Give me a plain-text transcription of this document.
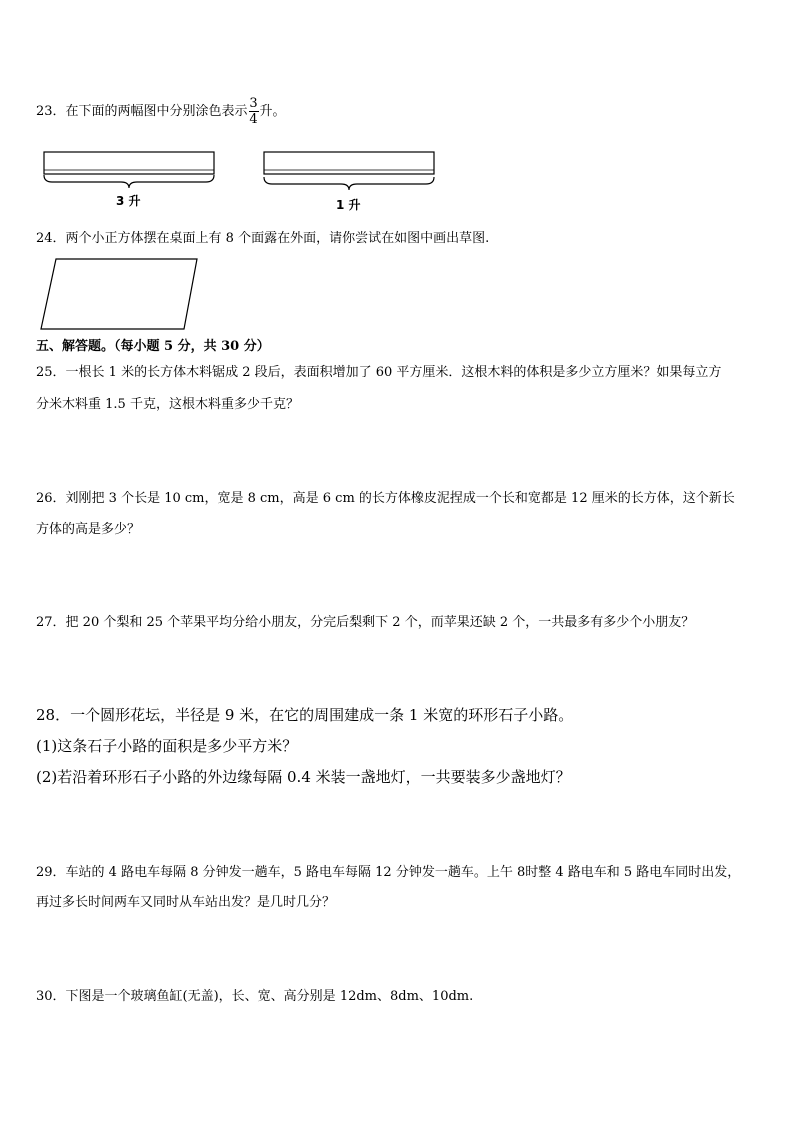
23．在下面的两幅图中分别涂色表示 $\frac{3}{4}$ 升。
3 升	1 升
24．两个小正方体摆在桌面上有 8 个面露在外面，请你尝试在如图中画出草图.
五、解答题。（每小题 5 分，共 30 分）
25．一根长 1 米的长方体木料锯成 2 段后，表面积增加了 60 平方厘米．这根木料的体积是多少立方厘米？如果每立方
分米木料重 1.5 千克，这根木料重多少千克？
26．刘刚把 3 个长是 10 cm，宽是 8 cm，高是 6 cm 的长方体橡皮泥捏成一个长和宽都是 12 厘米的长方体，这个新长
方体的高是多少？
27．把 20 个梨和 25 个苹果平均分给小朋友，分完后梨剩下 2 个，而苹果还缺 2 个，一共最多有多少个小朋友？
28．一个圆形花坛，半径是 9 米，在它的周围建成一条 1 米宽的环形石子小路。
(1)这条石子小路的面积是多少平方米？
(2)若沿着环形石子小路的外边缘每隔 0.4 米装一盏地灯，一共要装多少盏地灯？
29．车站的 4 路电车每隔 8 分钟发一趟车，5 路电车每隔 12 分钟发一趟车。上午 8时整 4 路电车和 5 路电车同时出发，
再过多长时间两车又同时从车站出发？是几时几分？
30．下图是一个玻璃鱼缸(无盖)，长、宽、高分别是 12dm、8dm、10dm.
